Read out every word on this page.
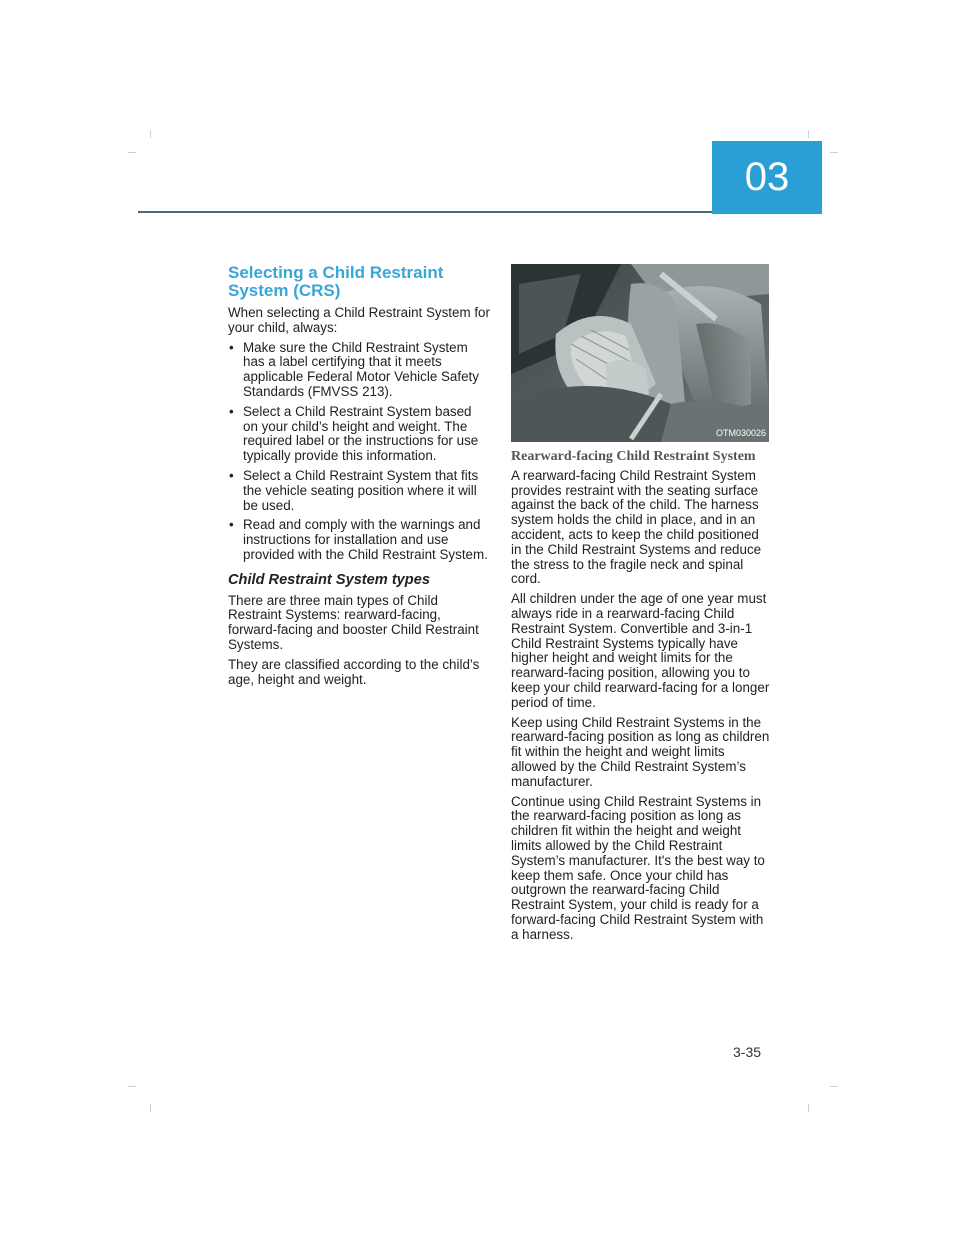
03
Selecting a Child Restraint System (CRS)

When selecting a Child Restraint System for your child, always:

• Make sure the Child Restraint System has a label certifying that it meets applicable Federal Motor Vehicle Safety Standards (FMVSS 213).
• Select a Child Restraint System based on your child’s height and weight. The required label or the instructions for use typically provide this information.
• Select a Child Restraint System that fits the vehicle seating position where it will be used.
• Read and comply with the warnings and instructions for installation and use provided with the Child Restraint System.
Child Restraint System types

There are three main types of Child Restraint Systems: rearward-facing, forward-facing and booster Child Restraint Systems.

They are classified according to the child’s age, height and weight.

OTM030026
Rearward-facing Child Restraint System

A rearward-facing Child Restraint System provides restraint with the seating surface against the back of the child. The harness system holds the child in place, and in an accident, acts to keep the child positioned in the Child Restraint Systems and reduce the stress to the fragile neck and spinal cord.

All children under the age of one year must always ride in a rearward-facing Child Restraint System. Convertible and 3-in-1 Child Restraint Systems typically have higher height and weight limits for the rearward-facing position, allowing you to keep your child rearward-facing for a longer period of time.

Keep using Child Restraint Systems in the rearward-facing position as long as children fit within the height and weight limits allowed by the Child Restraint System’s manufacturer.

Continue using Child Restraint Systems in the rearward-facing position as long as children fit within the height and weight limits allowed by the Child Restraint System’s manufacturer. It's the best way to keep them safe. Once your child has outgrown the rearward-facing Child Restraint System, your child is ready for a forward-facing Child Restraint System with a harness.

3-35
